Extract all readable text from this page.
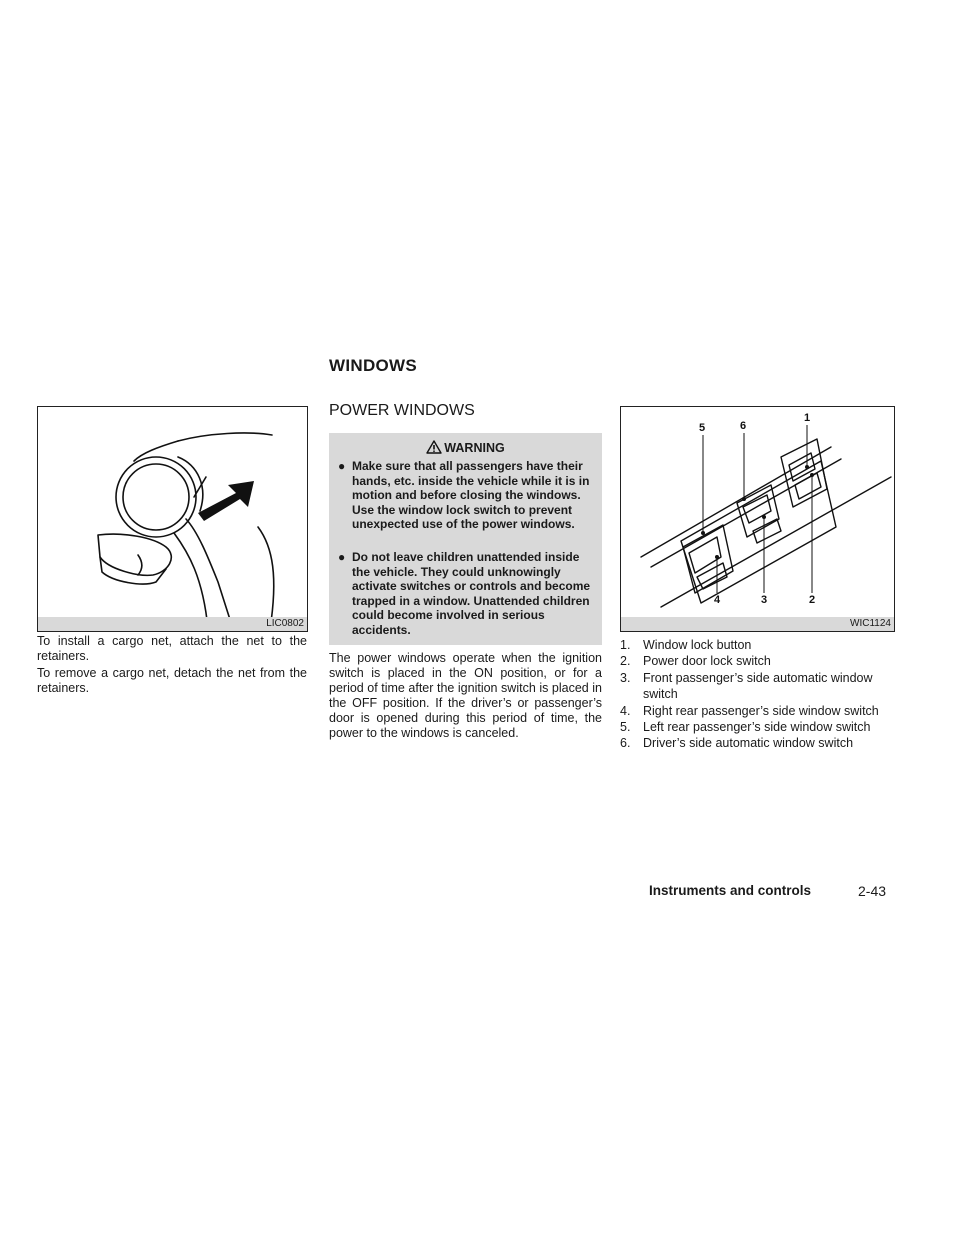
WINDOWS
LIC0802
To install a cargo net, attach the net to the retainers.
To remove a cargo net, detach the net from the retainers.
POWER WINDOWS
WARNING
● Make sure that all passengers have their hands, etc. inside the vehicle while it is in motion and before closing the windows. Use the window lock switch to prevent unexpected use of the power windows.
● Do not leave children unattended inside the vehicle. They could unknowingly activate switches or controls and become trapped in a window. Unattended children could become involved in serious accidents.
The power windows operate when the ignition switch is placed in the ON position, or for a period of time after the ignition switch is placed in the OFF position. If the driver’s or passenger’s door is opened during this period of time, the power to the windows is canceled.
1
2
3
4
5	6
WIC1124
1. Window lock button
2. Power door lock switch
3. Front passenger’s side automatic window switch
4. Right rear passenger’s side window switch
5. Left rear passenger’s side window switch
6. Driver’s side automatic window switch
Instruments and controls	2-43
